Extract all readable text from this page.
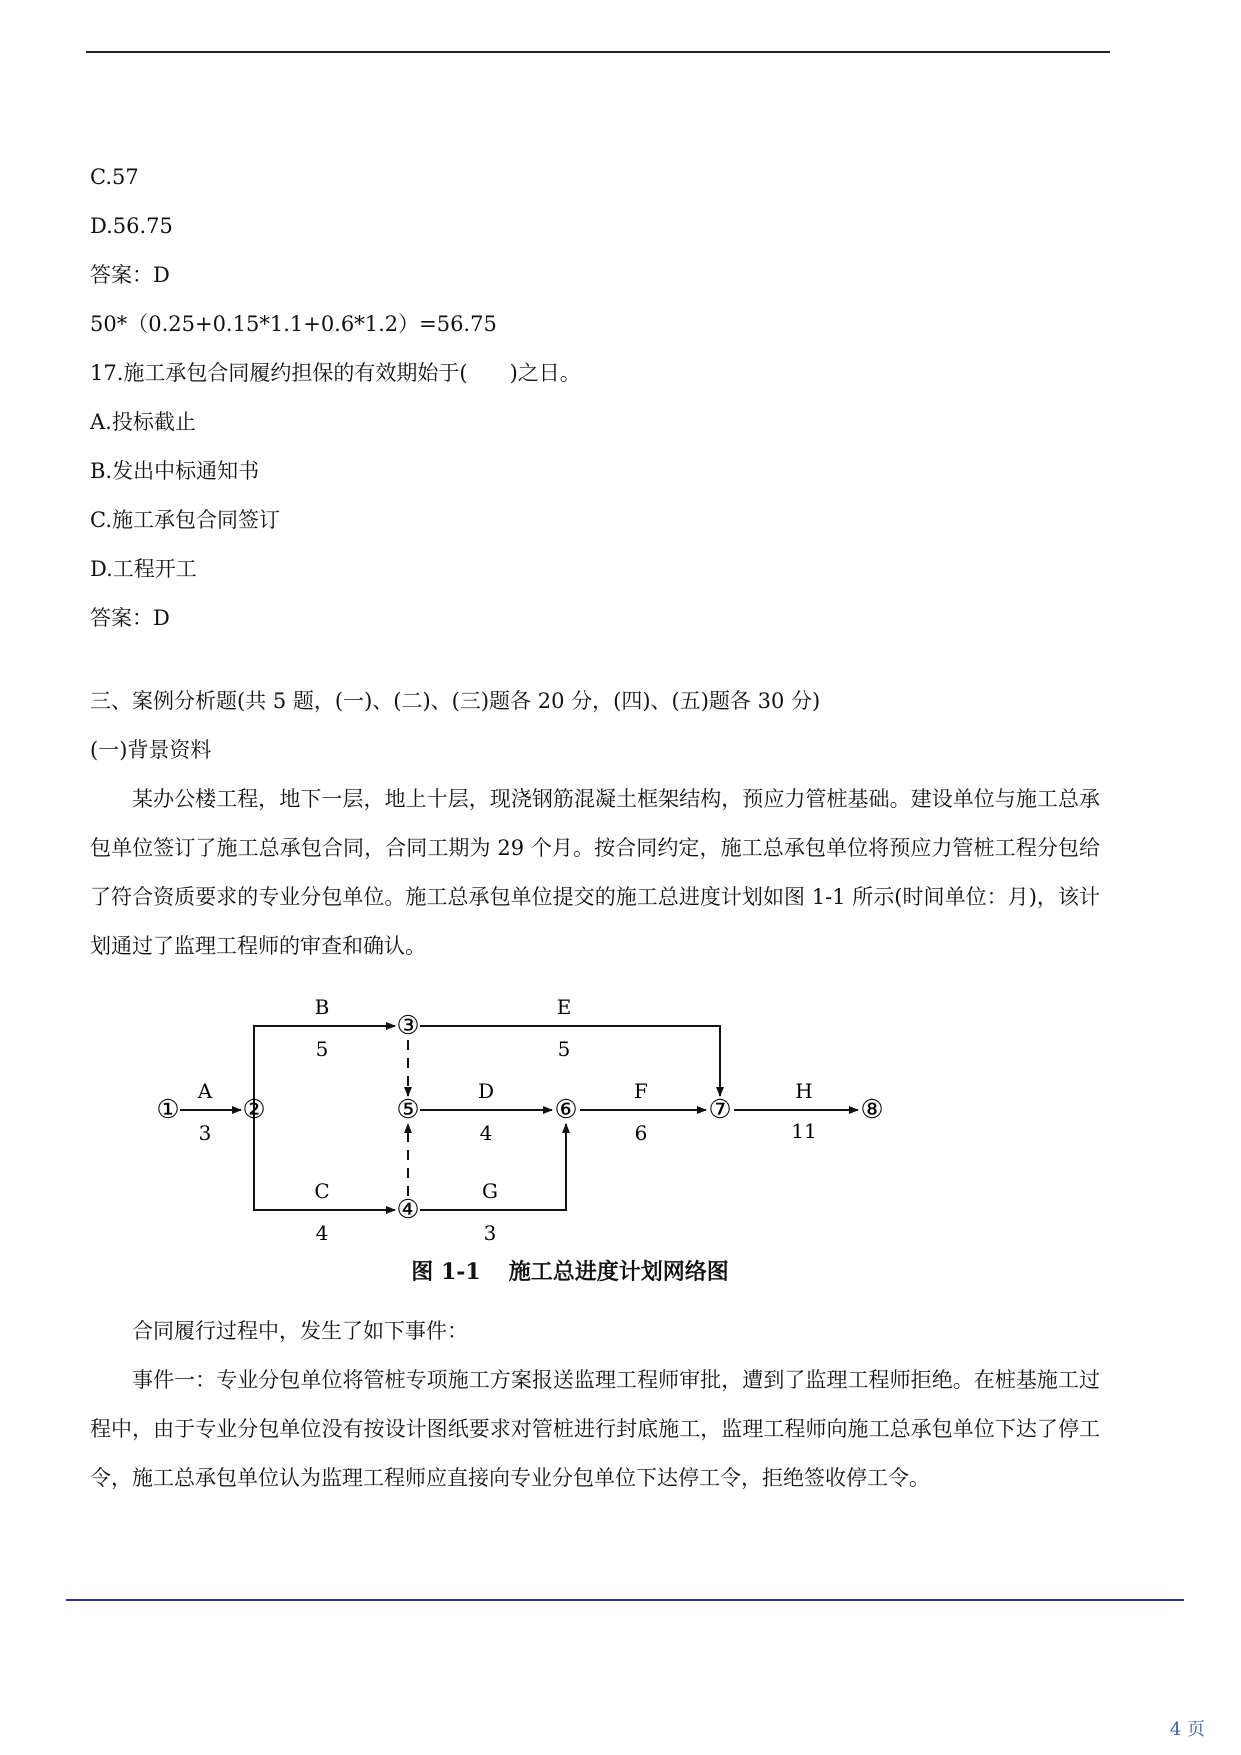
C.57
D.56.75
答案：D
50*（0.25+0.15*1.1+0.6*1.2）=56.75
17.施工承包合同履约担保的有效期始于(　　)之日。
A.投标截止
B.发出中标通知书
C.施工承包合同签订
D.工程开工
答案：D
三、案例分析题(共 5 题，(一)、(二)、(三)题各 20 分，(四)、(五)题各 30 分)
(一)背景资料
某办公楼工程，地下一层，地上十层，现浇钢筋混凝土框架结构，预应力管桩基础。建设单位与施工总承包单位签订了施工总承包合同，合同工期为 29 个月。按合同约定，施工总承包单位将预应力管桩工程分包给了符合资质要求的专业分包单位。施工总承包单位提交的施工总进度计划如图 1-1 所示(时间单位：月)，该计划通过了监理工程师的审查和确认。
① ②
③
④
⑤	⑥	⑦	⑧
A
3
B
5
C
4
D
4
E
5
F
6
G
3
H
11
图 1-1 施工总进度计划网络图
合同履行过程中，发生了如下事件：
事件一：专业分包单位将管桩专项施工方案报送监理工程师审批，遭到了监理工程师拒绝。在桩基施工过程中，由于专业分包单位没有按设计图纸要求对管桩进行封底施工，监理工程师向施工总承包单位下达了停工令，施工总承包单位认为监理工程师应直接向专业分包单位下达停工令，拒绝签收停工令。
4 页
